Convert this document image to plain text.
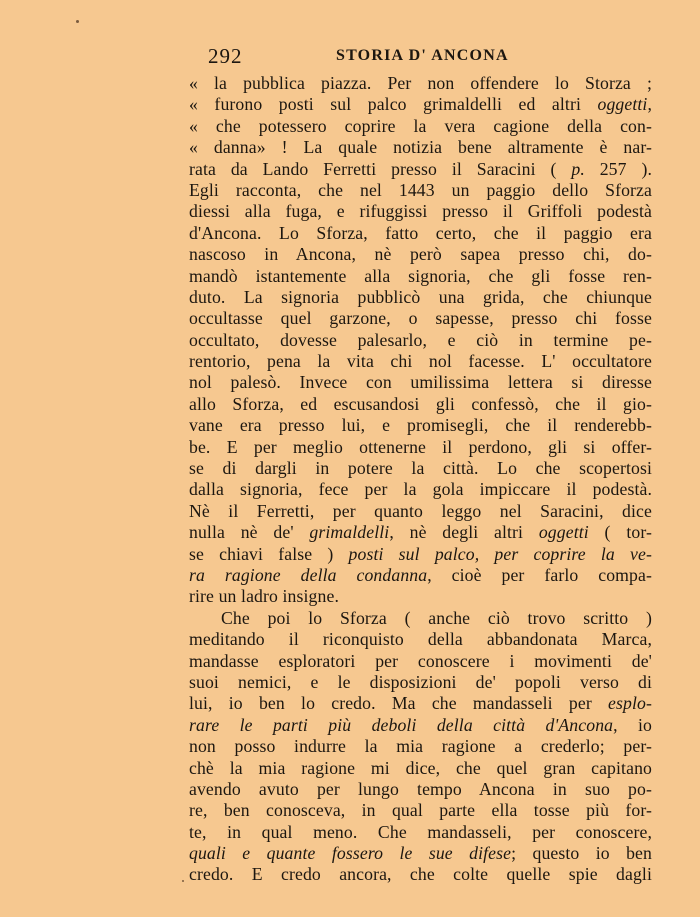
292	STORIA D' ANCONA
« la pubblica piazza. Per non offendere lo Storza ;
« furono posti sul palco grimaldelli ed altri oggetti,
« che potessero coprire la vera cagione della con-
« danna» ! La quale notizia bene altramente è nar-
rata da Lando Ferretti presso il Saracini ( p. 257 ).
Egli racconta, che nel 1443 un paggio dello Sforza
diessi alla fuga, e rifuggissi presso il Griffoli podestà
d'Ancona. Lo Sforza, fatto certo, che il paggio era
nascoso in Ancona, nè però sapea presso chi, do-
mandò istantemente alla signoria, che gli fosse ren-
duto. La signoria pubblicò una grida, che chiunque
occultasse quel garzone, o sapesse, presso chi fosse
occultato, dovesse palesarlo, e ciò in termine pe-
rentorio, pena la vita chi nol facesse. L' occultatore
nol palesò. Invece con umilissima lettera si diresse
allo Sforza, ed escusandosi gli confessò, che il gio-
vane era presso lui, e promisegli, che il renderebb-
be. E per meglio ottenerne il perdono, gli si offer-
se di dargli in potere la città. Lo che scopertosi
dalla signoria, fece per la gola impiccare il podestà.
Nè il Ferretti, per quanto leggo nel Saracini, dice
nulla nè de' grimaldelli, nè degli altri oggetti ( tor-
se chiavi false ) posti sul palco, per coprire la ve-
ra ragione della condanna, cioè per farlo compa-
rire un ladro insigne.
Che poi lo Sforza ( anche ciò trovo scritto )
meditando il riconquisto della abbandonata Marca,
mandasse esploratori per conoscere i movimenti de'
suoi nemici, e le disposizioni de' popoli verso di
lui, io ben lo credo. Ma che mandasseli per esplo-
rare le parti più deboli della città d'Ancona, io
non posso indurre la mia ragione a crederlo; per-
chè la mia ragione mi dice, che quel gran capitano
avendo avuto per lungo tempo Ancona in suo po-
re, ben conosceva, in qual parte ella tosse più for-
te, in qual meno. Che mandasseli, per conoscere,
quali e quante fossero le sue difese; questo io ben
credo. E credo ancora, che colte quelle spie dagli
